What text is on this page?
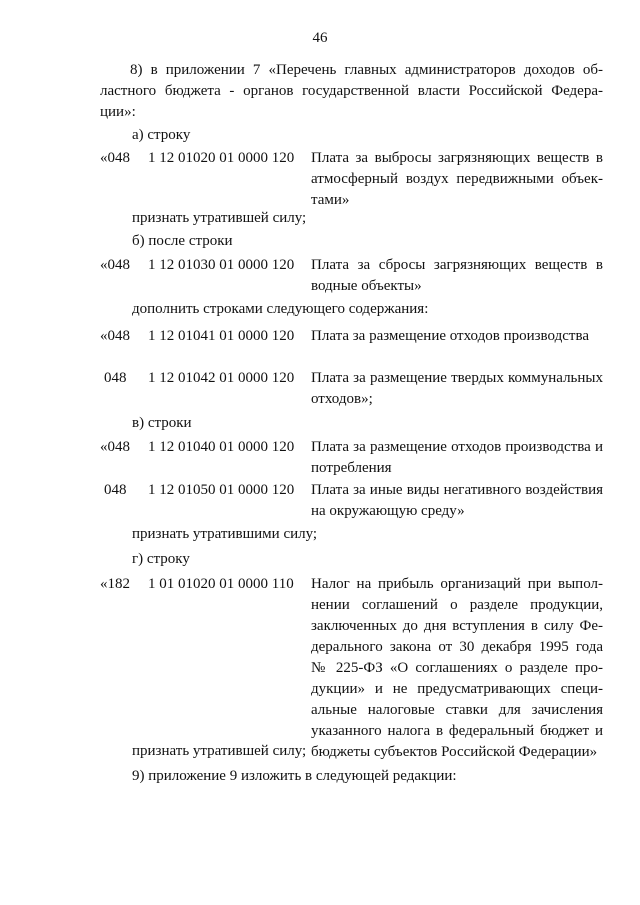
46
8) в приложении 7 «Перечень главных администраторов доходов об-
ластного бюджета - органов государственной власти Российской Федера-
ции»:
а) строку
«048 1 12 01020 01 0000 120 Плата за выбросы загрязняющих веществ в
атмосферный воздух передвижными объек-
тами»
признать утратившей силу;
б) после строки
«048 1 12 01030 01 0000 120 Плата за сбросы загрязняющих веществ в
водные объекты»
дополнить строками следующего содержания:
«048 1 12 01041 01 0000 120 Плата за размещение отходов производства
048 1 12 01042 01 0000 120 Плата за размещение твердых коммунальных
отходов»;
в) строки
«048 1 12 01040 01 0000 120 Плата за размещение отходов производства и
потребления
048 1 12 01050 01 0000 120 Плата за иные виды негативного воздействия
на окружающую среду»
признать утратившими силу;
г) строку
«182 1 01 01020 01 0000 110 Налог на прибыль организаций при выпол-
нении соглашений о разделе продукции,
заключенных до дня вступления в силу Фе-
дерального закона от 30 декабря 1995 года
№ 225-ФЗ «О соглашениях о разделе про-
дукции» и не предусматривающих специ-
альные налоговые ставки для зачисления
указанного налога в федеральный бюджет и
бюджеты субъектов Российской Федерации»
признать утратившей силу;
9) приложение 9 изложить в следующей редакции:
